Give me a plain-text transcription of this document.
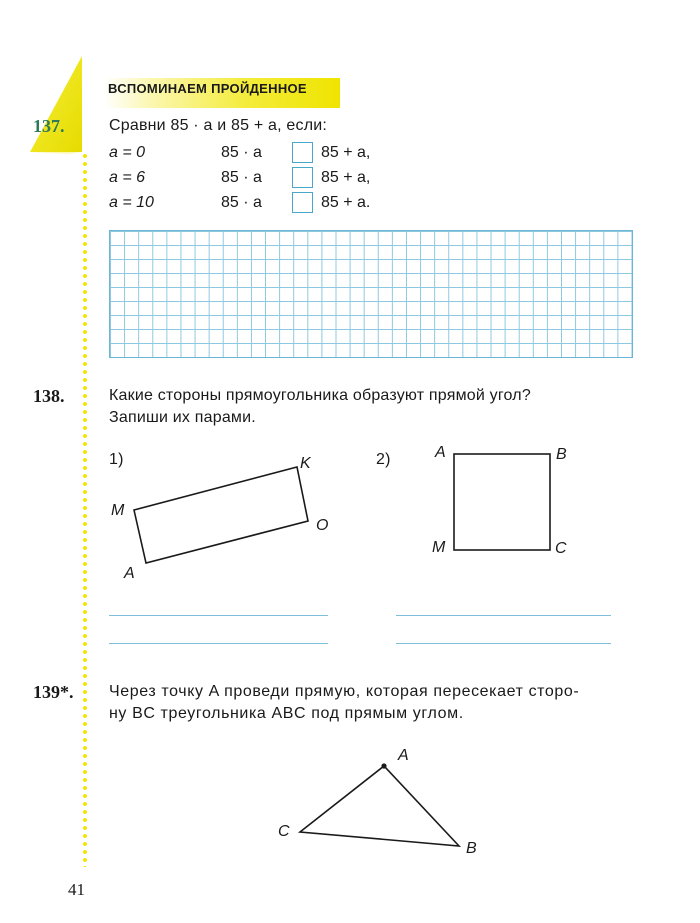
ВСПОМИНАЕМ ПРОЙДЕННОЕ
137.	Сравни 85 · a и 85 + a, если:
a = 0	85 · a	85 + a,
a = 6	85 · a	85 + a,
a = 10	85 · a	85 + a.
138.	Какие стороны прямоугольника образуют прямой угол?
Запиши их парами.
1)
M
K
O
A
2)	A	B
C
M
139*. Через точку A проведи прямую, которая пересекает сторо-
ну BC треугольника ABC под прямым углом.
A
B
C
41
